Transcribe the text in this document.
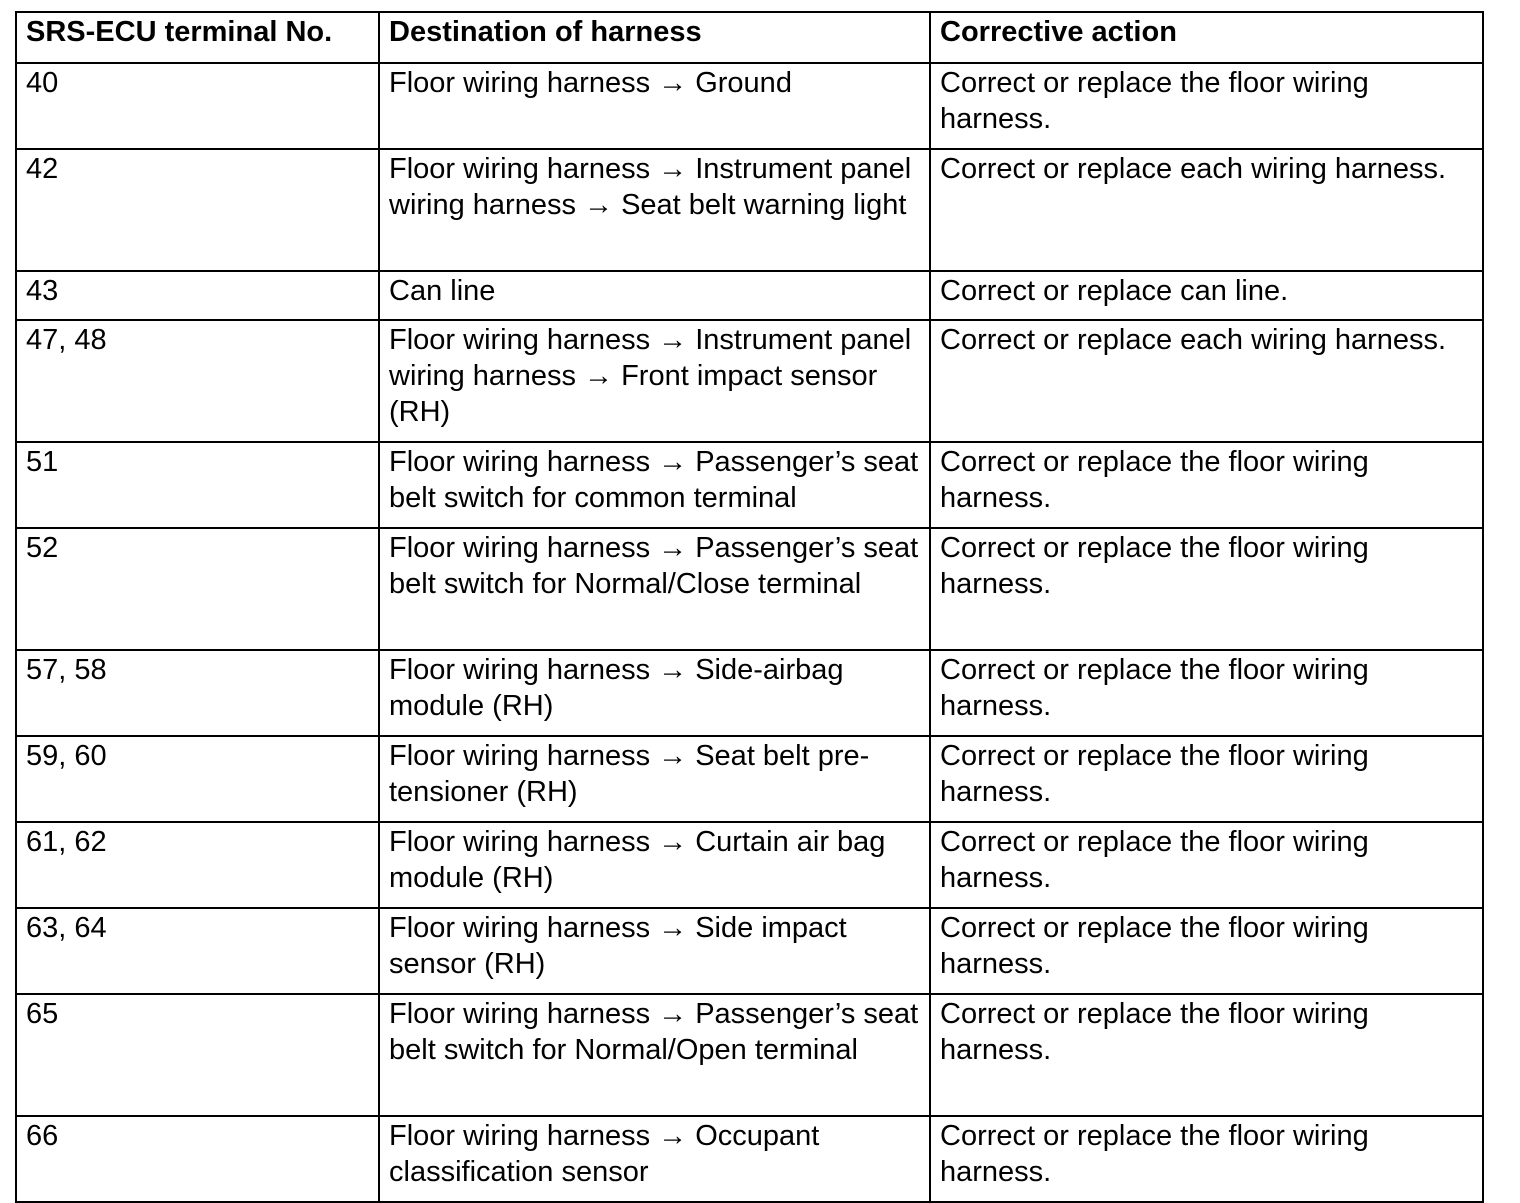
SRS-ECU terminal No.	Destination of harness	Corrective action
40	Floor wiring harness → Ground	Correct or replace the floor wiring harness.
42	Floor wiring harness → Instrument panel wiring harness → Seat belt warning light	Correct or replace each wiring harness.
43	Can line	Correct or replace can line.
47, 48	Floor wiring harness → Instrument panel wiring harness → Front impact sensor (RH)	Correct or replace each wiring harness.
51	Floor wiring harness → Passenger’s seat belt switch for common terminal	Correct or replace the floor wiring harness.
52	Floor wiring harness → Passenger’s seat belt switch for Normal/Close terminal	Correct or replace the floor wiring harness.
57, 58	Floor wiring harness → Side-airbag module (RH)	Correct or replace the floor wiring harness.
59, 60	Floor wiring harness → Seat belt pre-tensioner (RH)	Correct or replace the floor wiring harness.
61, 62	Floor wiring harness → Curtain air bag module (RH)	Correct or replace the floor wiring harness.
63, 64	Floor wiring harness → Side impact sensor (RH)	Correct or replace the floor wiring harness.
65	Floor wiring harness → Passenger’s seat belt switch for Normal/Open terminal	Correct or replace the floor wiring harness.
66	Floor wiring harness → Occupant classification sensor	Correct or replace the floor wiring harness.
